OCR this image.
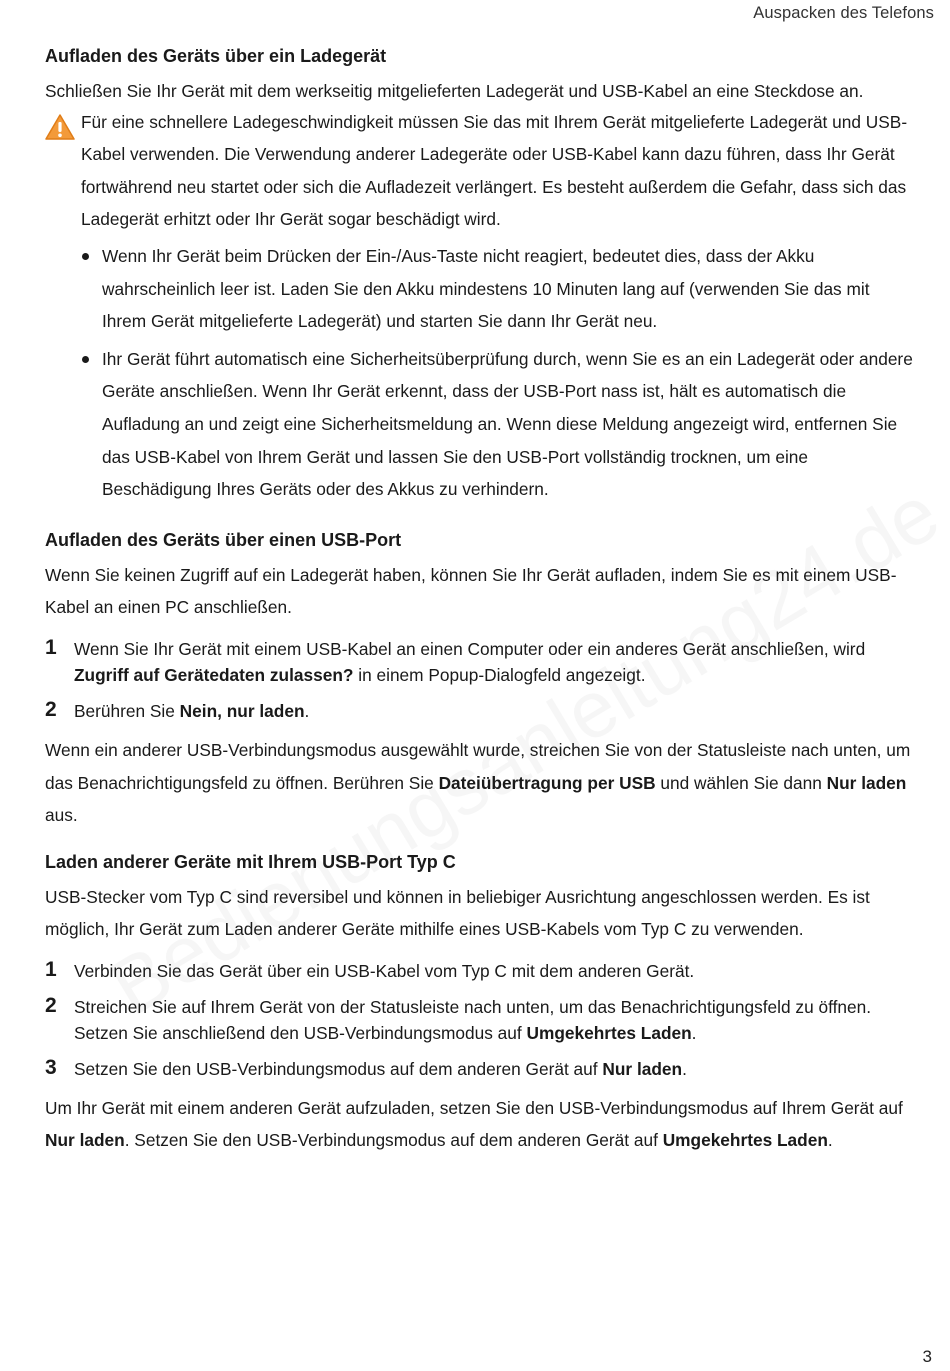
Auspacken des Telefons
Aufladen des Geräts über ein Ladegerät

Schließen Sie Ihr Gerät mit dem werkseitig mitgelieferten Ladegerät und USB-Kabel an eine Steckdose an.

Für eine schnellere Ladegeschwindigkeit müssen Sie das mit Ihrem Gerät mitgelieferte Ladegerät und USB-Kabel verwenden. Die Verwendung anderer Ladegeräte oder USB-Kabel kann dazu führen, dass Ihr Gerät fortwährend neu startet oder sich die Aufladezeit verlängert. Es besteht außerdem die Gefahr, dass sich das Ladegerät erhitzt oder Ihr Gerät sogar beschädigt wird.

Wenn Ihr Gerät beim Drücken der Ein-/Aus-Taste nicht reagiert, bedeutet dies, dass der Akku wahrscheinlich leer ist. Laden Sie den Akku mindestens 10 Minuten lang auf (verwenden Sie das mit Ihrem Gerät mitgelieferte Ladegerät) und starten Sie dann Ihr Gerät neu.
Ihr Gerät führt automatisch eine Sicherheitsüberprüfung durch, wenn Sie es an ein Ladegerät oder andere Geräte anschließen. Wenn Ihr Gerät erkennt, dass der USB-Port nass ist, hält es automatisch die Aufladung an und zeigt eine Sicherheitsmeldung an. Wenn diese Meldung angezeigt wird, entfernen Sie das USB-Kabel von Ihrem Gerät und lassen Sie den USB-Port vollständig trocknen, um eine Beschädigung Ihres Geräts oder des Akkus zu verhindern.
Aufladen des Geräts über einen USB-Port

Wenn Sie keinen Zugriff auf ein Ladegerät haben, können Sie Ihr Gerät aufladen, indem Sie es mit einem USB-Kabel an einen PC anschließen.

1 Wenn Sie Ihr Gerät mit einem USB-Kabel an einen Computer oder ein anderes Gerät anschließen, wird Zugriff auf Gerätedaten zulassen? in einem Popup-Dialogfeld angezeigt.
2 Berühren Sie Nein, nur laden.

Wenn ein anderer USB-Verbindungsmodus ausgewählt wurde, streichen Sie von der Statusleiste nach unten, um das Benachrichtigungsfeld zu öffnen. Berühren Sie Dateiübertragung per USB und wählen Sie dann Nur laden aus.

Laden anderer Geräte mit Ihrem USB-Port Typ C

USB-Stecker vom Typ C sind reversibel und können in beliebiger Ausrichtung angeschlossen werden. Es ist möglich, Ihr Gerät zum Laden anderer Geräte mithilfe eines USB-Kabels vom Typ C zu verwenden.

1 Verbinden Sie das Gerät über ein USB-Kabel vom Typ C mit dem anderen Gerät.
2 Streichen Sie auf Ihrem Gerät von der Statusleiste nach unten, um das Benachrichtigungsfeld zu öffnen. Setzen Sie anschließend den USB-Verbindungsmodus auf Umgekehrtes Laden.
3 Setzen Sie den USB-Verbindungsmodus auf dem anderen Gerät auf Nur laden.

Um Ihr Gerät mit einem anderen Gerät aufzuladen, setzen Sie den USB-Verbindungsmodus auf Ihrem Gerät auf Nur laden. Setzen Sie den USB-Verbindungsmodus auf dem anderen Gerät auf Umgekehrtes Laden.

3
